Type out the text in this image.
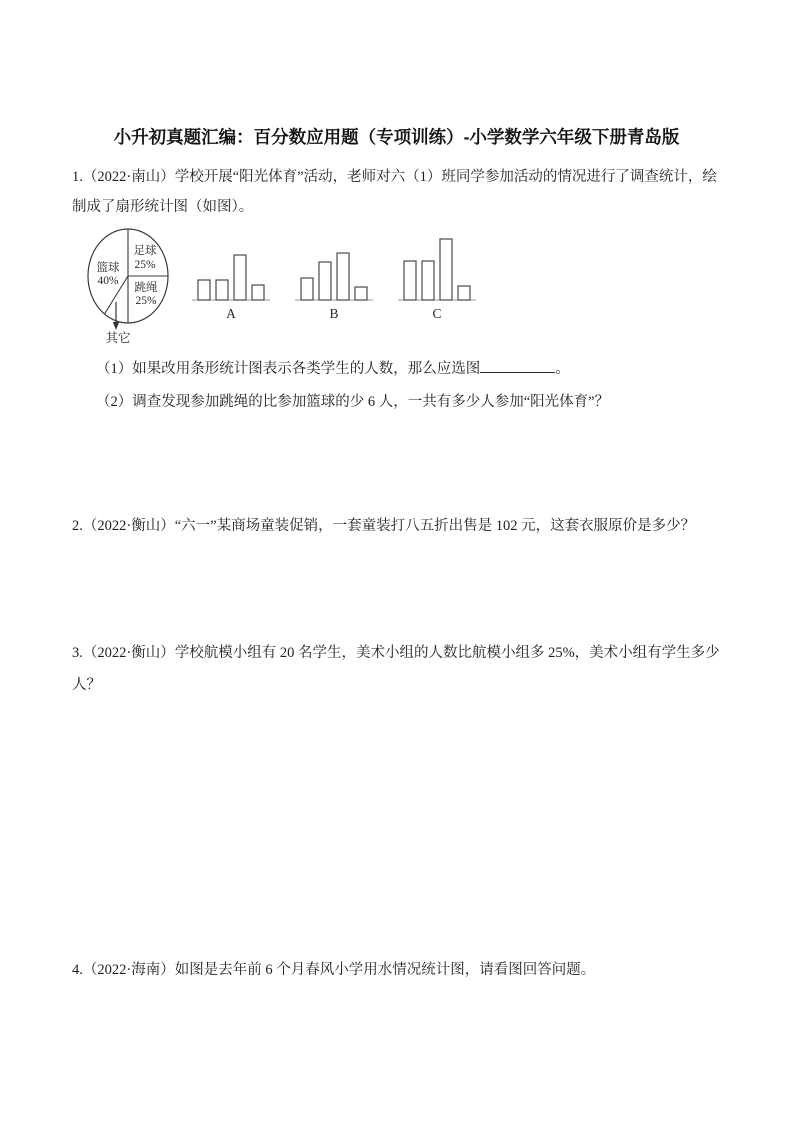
小升初真题汇编：百分数应用题（专项训练）-小学数学六年级下册青岛版
1.（2022·南山）学校开展“阳光体育”活动，老师对六（1）班同学参加活动的情况进行了调查统计，绘
制成了扇形统计图（如图）。
足球
25%
跳绳
25%
篮球
40%
其它
A	B	C
（1）如果改用条形统计图表示各类学生的人数，那么应选图	。
（2）调查发现参加跳绳的比参加篮球的少 6 人，一共有多少人参加“阳光体育”？
2.（2022·衡山）“六一”某商场童装促销，一套童装打八五折出售是 102 元，这套衣服原价是多少？
3.（2022·衡山）学校航模小组有 20 名学生，美术小组的人数比航模小组多 25%，美术小组有学生多少
人？
4.（2022·海南）如图是去年前 6 个月春风小学用水情况统计图，请看图回答问题。
